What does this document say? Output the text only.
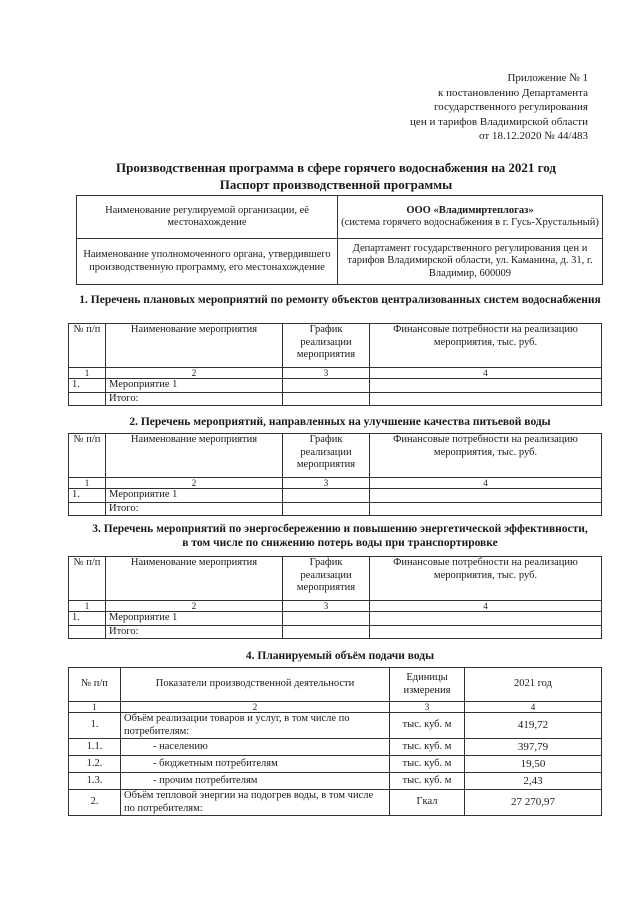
Приложение № 1
к постановлению Департамента
государственного регулирования
цен и тарифов Владимирской области
от 18.12.2020 № 44/483
Производственная программа в сфере горячего водоснабжения на 2021 год
Паспорт производственной программы
Наименование регулируемой организации, её местонахождение	ООО «Владимиртеплогаз»
(система горячего водоснабжения в г. Гусь-Хрустальный)

Наименование уполномоченного органа, утвердившего производственную программу, его местонахождение	Департамент государственного регулирования цен и тарифов Владимирской области, ул. Каманина, д. 31, г. Владимир, 600009
1. Перечень плановых мероприятий по ремонту объектов централизованных систем водоснабжения
№ п/п	Наименование мероприятия	График реализации мероприятия	Финансовые потребности на реализацию мероприятия, тыс. руб.
1	2	3	4
1.	Мероприятие 1		
	Итого:		
2. Перечень мероприятий, направленных на улучшение качества питьевой воды
№ п/п	Наименование мероприятия	График реализации мероприятия	Финансовые потребности на реализацию мероприятия, тыс. руб.
1	2	3	4
1.	Мероприятие 1		
	Итого:		
3. Перечень мероприятий по энергосбережению и повышению энергетической эффективности, в том числе по снижению потерь воды при транспортировке
№ п/п	Наименование мероприятия	График реализации мероприятия	Финансовые потребности на реализацию мероприятия, тыс. руб.
1	2	3	4
1.	Мероприятие 1		
	Итого:		
4. Планируемый объём подачи воды
№ п/п	Показатели производственной деятельности	Единицы измерения	2021 год
1	2	3	4
1.	Объём реализации товаров и услуг, в том числе по потребителям:	тыс. куб. м	419,72
1.1.	- населению	тыс. куб. м	397,79
1.2.	- бюджетным потребителям	тыс. куб. м	19,50
1.3.	- прочим потребителям	тыс. куб. м	2,43
2.	Объём тепловой энергии на подогрев воды, в том числе по потребителям:	Гкал	27 270,97
